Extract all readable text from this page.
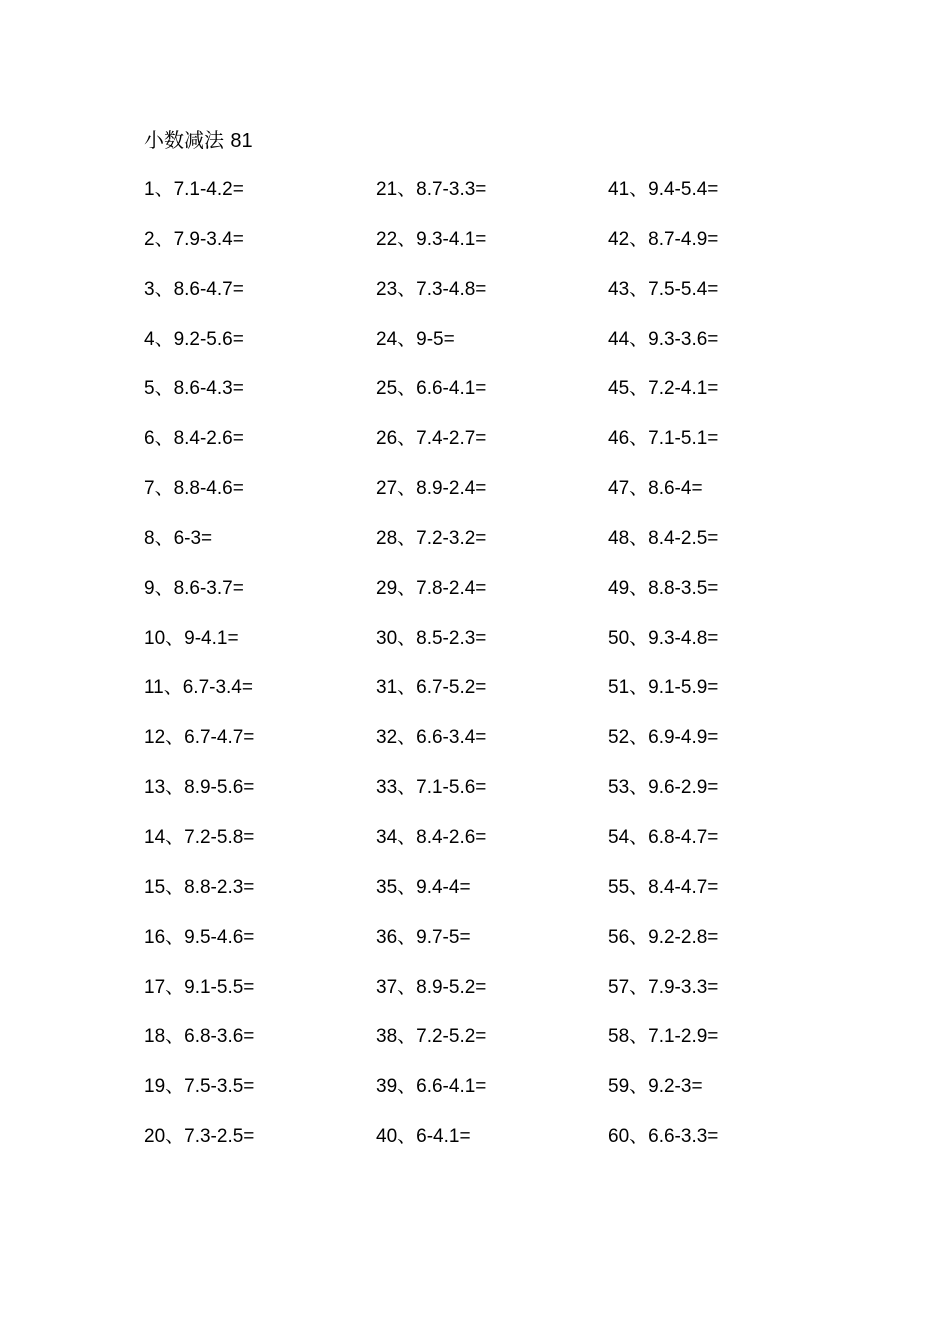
小数减法 81
1、7.1-4.2=
2、7.9-3.4=
3、8.6-4.7=
4、9.2-5.6=
5、8.6-4.3=
6、8.4-2.6=
7、8.8-4.6=
8、6-3=
9、8.6-3.7=
10、9-4.1=
11、6.7-3.4=
12、6.7-4.7=
13、8.9-5.6=
14、7.2-5.8=
15、8.8-2.3=
16、9.5-4.6=
17、9.1-5.5=
18、6.8-3.6=
19、7.5-3.5=
20、7.3-2.5=
21、8.7-3.3=
22、9.3-4.1=
23、7.3-4.8=
24、9-5=
25、6.6-4.1=
26、7.4-2.7=
27、8.9-2.4=
28、7.2-3.2=
29、7.8-2.4=
30、8.5-2.3=
31、6.7-5.2=
32、6.6-3.4=
33、7.1-5.6=
34、8.4-2.6=
35、9.4-4=
36、9.7-5=
37、8.9-5.2=
38、7.2-5.2=
39、6.6-4.1=
40、6-4.1=
41、9.4-5.4=
42、8.7-4.9=
43、7.5-5.4=
44、9.3-3.6=
45、7.2-4.1=
46、7.1-5.1=
47、8.6-4=
48、8.4-2.5=
49、8.8-3.5=
50、9.3-4.8=
51、9.1-5.9=
52、6.9-4.9=
53、9.6-2.9=
54、6.8-4.7=
55、8.4-4.7=
56、9.2-2.8=
57、7.9-3.3=
58、7.1-2.9=
59、9.2-3=
60、6.6-3.3=
